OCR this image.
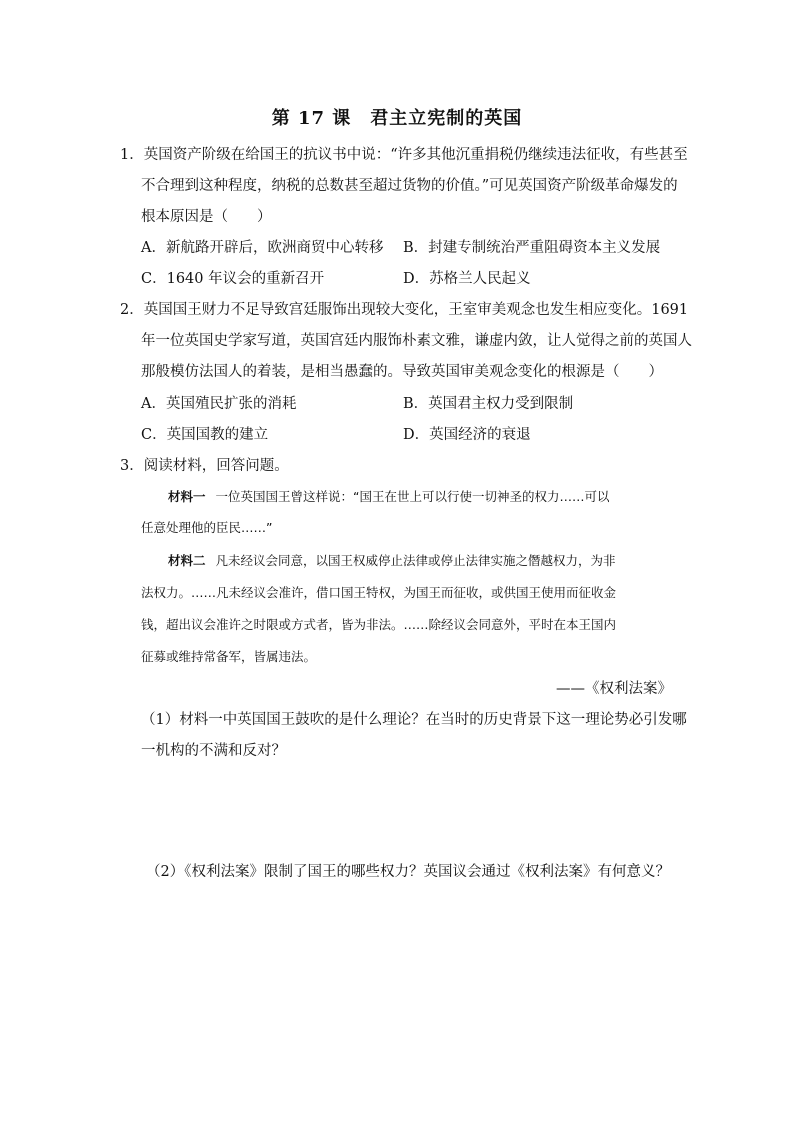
第 17 课　君主立宪制的英国
1．英国资产阶级在给国王的抗议书中说：“许多其他沉重捐税仍继续违法征收，有些甚至
不合理到这种程度，纳税的总数甚至超过货物的价值。”可见英国资产阶级革命爆发的
根本原因是（　　）
A．新航路开辟后，欧洲商贸中心转移 B．封建专制统治严重阻碍资本主义发展
C．1640 年议会的重新召开	D．苏格兰人民起义
2．英国国王财力不足导致宫廷服饰出现较大变化，王室审美观念也发生相应变化。1691
年一位英国史学家写道，英国宫廷内服饰朴素文雅，谦虚内敛，让人觉得之前的英国人
那般模仿法国人的着装，是相当愚蠢的。导致英国审美观念变化的根源是（　　）
A．英国殖民扩张的消耗	B．英国君主权力受到限制
C．英国国教的建立	D．英国经济的衰退
3．阅读材料，回答问题。
材料一 一位英国国王曾这样说：“国王在世上可以行使一切神圣的权力……可以
任意处理他的臣民……”
材料二 凡未经议会同意，以国王权威停止法律或停止法律实施之僭越权力，为非
法权力。……凡未经议会准许，借口国王特权，为国王而征收，或供国王使用而征收金
钱，超出议会准许之时限或方式者，皆为非法。……除经议会同意外，平时在本王国内
征募或维持常备军，皆属违法。
——《权利法案》
（1）材料一中英国国王鼓吹的是什么理论？在当时的历史背景下这一理论势必引发哪
一机构的不满和反对？
（2）《权利法案》限制了国王的哪些权力？英国议会通过《权利法案》有何意义？
